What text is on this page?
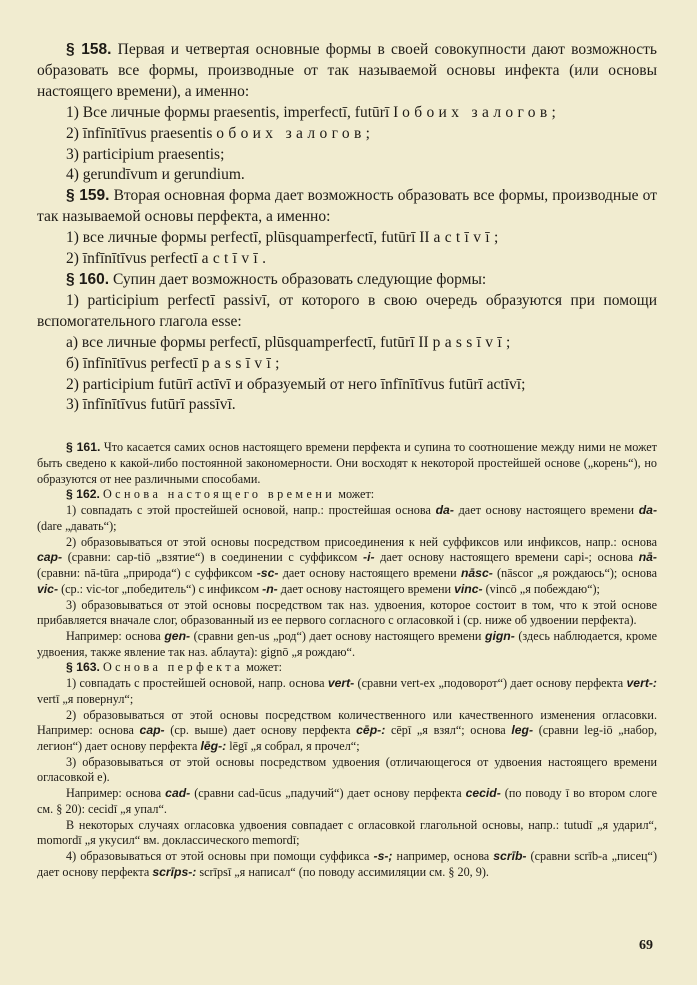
§ 158. Первая и четвертая основные формы в своей совокупности дают возможность образовать все формы, производные от так называемой основы инфекта (или основы настоящего времени), а именно:

1) Все личные формы praesentis, imperfectī, futūrī I обоих залогов;

2) īnfīnītīvus praesentis обоих залогов;

3) participium praesentis;

4) gerundīvum и gerundium.

§ 159. Вторая основная форма дает возможность образовать все формы, производные от так называемой основы перфекта, а именно:

1) все личные формы perfectī, plūsquamperfectī, futūrī II actīvī;

2) īnfīnītīvus perfectī actīvī.

§ 160. Супин дает возможность образовать следующие формы:

1) participium perfectī passivī, от которого в свою очередь образуются при помощи вспомогательного глагола esse:

а) все личные формы perfectī, plūsquamperfectī, futūrī II passīvī;

б) īnfīnītīvus perfectī passīvī;

2) participium futūrī actīvī и образуемый от него īnfīnītīvus futūrī actīvī;

3) īnfīnītīvus futūrī passīvī.

§ 161. Что касается самих основ настоящего времени перфекта и супина то соотношение между ними не может быть сведено к какой-либо постоянной закономерности. Они восходят к некоторой простейшей основе („корень“), но образуются от нее различными способами.

§ 162. Основа настоящего времени может:

1) совпадать с этой простейшей основой, напр.: простейшая основа da- дает основу настоящего времени da- (dare „давать“);

2) образовываться от этой основы посредством присоединения к ней суффиксов или инфиксов, напр.: основа cap- (сравни: cap-tiō „взятие“) в соединении с суффиксом -i- дает основу настоящего времени capi-; основа nā- (сравни: nā-tūra „природа“) с суффиксом -sc- дает основу настоящего времени nāsc- (nāscor „я рождаюсь“); основа vic- (ср.: vic-tor „победитель“) с инфиксом -n- дает основу настоящего времени vinc- (vincō „я побеждаю“);

3) образовываться от этой основы посредством так наз. удвоения, которое состоит в том, что к этой основе прибавляется вначале слог, образованный из ее первого согласного с огласовкой i (ср. ниже об удвоении перфекта).

Например: основа gen- (сравни gen-us „род“) дает основу настоящего времени gign- (здесь наблюдается, кроме удвоения, также явление так наз. аблаута): gignō „я рождаю“.

§ 163. Основа перфекта может:

1) совпадать с простейшей основой, напр. основа vert- (сравни vert-ex „подоворот“) дает основу перфекта vert-: vertī „я повернул“;

2) образовываться от этой основы посредством количественного или качественного изменения огласовки. Например: основа cap- (ср. выше) дает основу перфекта cēp-: cēpī „я взял“; основа leg- (сравни leg-iō „набор, легион“) дает основу перфекта lēg-: lēgī „я собрал, я прочел“;

3) образовываться от этой основы посредством удвоения (отличающегося от удвоения настоящего времени огласовкой e).

Например: основа cad- (сравни cad-ūcus „падучий“) дает основу перфекта cecid- (по поводу ī во втором слоге см. § 20): cecidī „я упал“.

В некоторых случаях огласовка удвоения совпадает с огласовкой глагольной основы, напр.: tutudī „я ударил“, momordī „я укусил“ вм. доклассического memordī;

4) образовываться от этой основы при помощи суффикса -s-; например, основа scrīb- (сравни scrīb-a „писец“) дает основу перфекта scrīps-: scrīpsī „я написал“ (по поводу ассимиляции см. § 20, 9).

69
